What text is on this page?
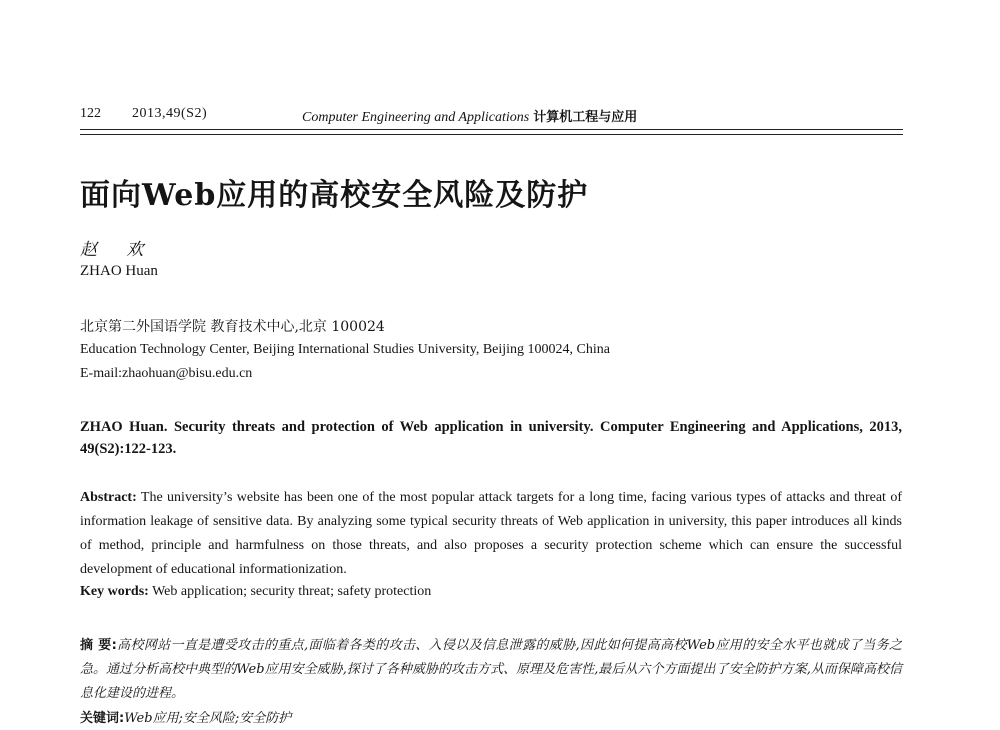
122 2013,49(S2)	Computer Engineering and Applications 计算机工程与应用
面向Web应用的高校安全风险及防护
赵 欢
ZHAO Huan
北京第二外国语学院 教育技术中心,北京 100024
Education Technology Center, Beijing International Studies University, Beijing 100024, China
E-mail:zhaohuan@bisu.edu.cn
ZHAO Huan. Security threats and protection of Web application in university. Computer Engineering and Applications, 2013, 49(S2):122-123.
Abstract: The university’s website has been one of the most popular attack targets for a long time, facing various types of attacks and threat of information leakage of sensitive data. By analyzing some typical security threats of Web application in university, this paper introduces all kinds of method, principle and harmfulness on those threats, and also proposes a security protection scheme which can ensure the successful development of educational informationization.
Key words: Web application; security threat; safety protection
摘 要:高校网站一直是遭受攻击的重点,面临着各类的攻击、入侵以及信息泄露的威胁,因此如何提高高校Web应用的安全水平也就成了当务之急。通过分析高校中典型的Web应用安全威胁,探讨了各种威胁的攻击方式、原理及危害性,最后从六个方面提出了安全防护方案,从而保障高校信息化建设的进程。
关键词:Web应用;安全风险;安全防护
